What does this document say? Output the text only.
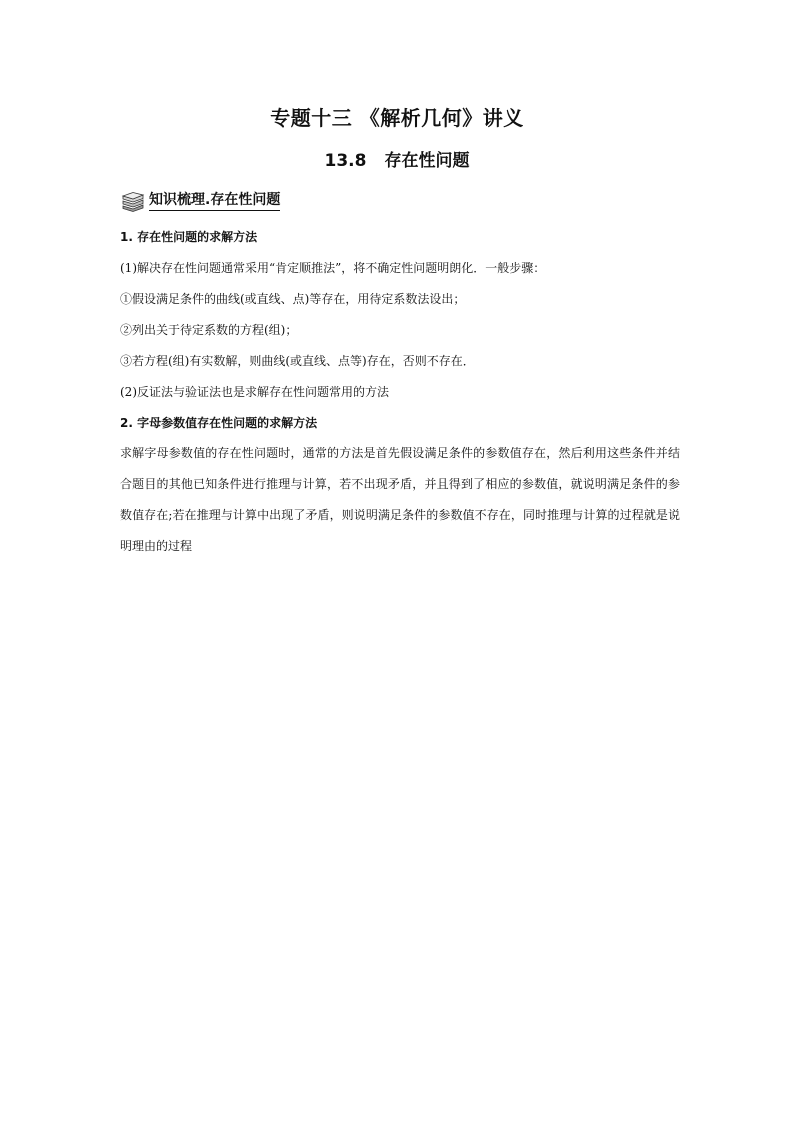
专题十三 《解析几何》讲义
13.8 存在性问题
知识梳理.存在性问题
1. 存在性问题的求解方法
(1)解决存在性问题通常采用“肯定顺推法”，将不确定性问题明朗化．一般步骤：
①假设满足条件的曲线(或直线、点)等存在，用待定系数法设出；
②列出关于待定系数的方程(组)；
③若方程(组)有实数解，则曲线(或直线、点等)存在，否则不存在．
(2)反证法与验证法也是求解存在性问题常用的方法
2. 字母参数值存在性问题的求解方法
求解字母参数值的存在性问题时，通常的方法是首先假设满足条件的参数值存在，然后利用这些条件并结合题目的其他已知条件进行推理与计算，若不出现矛盾，并且得到了相应的参数值，就说明满足条件的参数值存在;若在推理与计算中出现了矛盾，则说明满足条件的参数值不存在，同时推理与计算的过程就是说明理由的过程
